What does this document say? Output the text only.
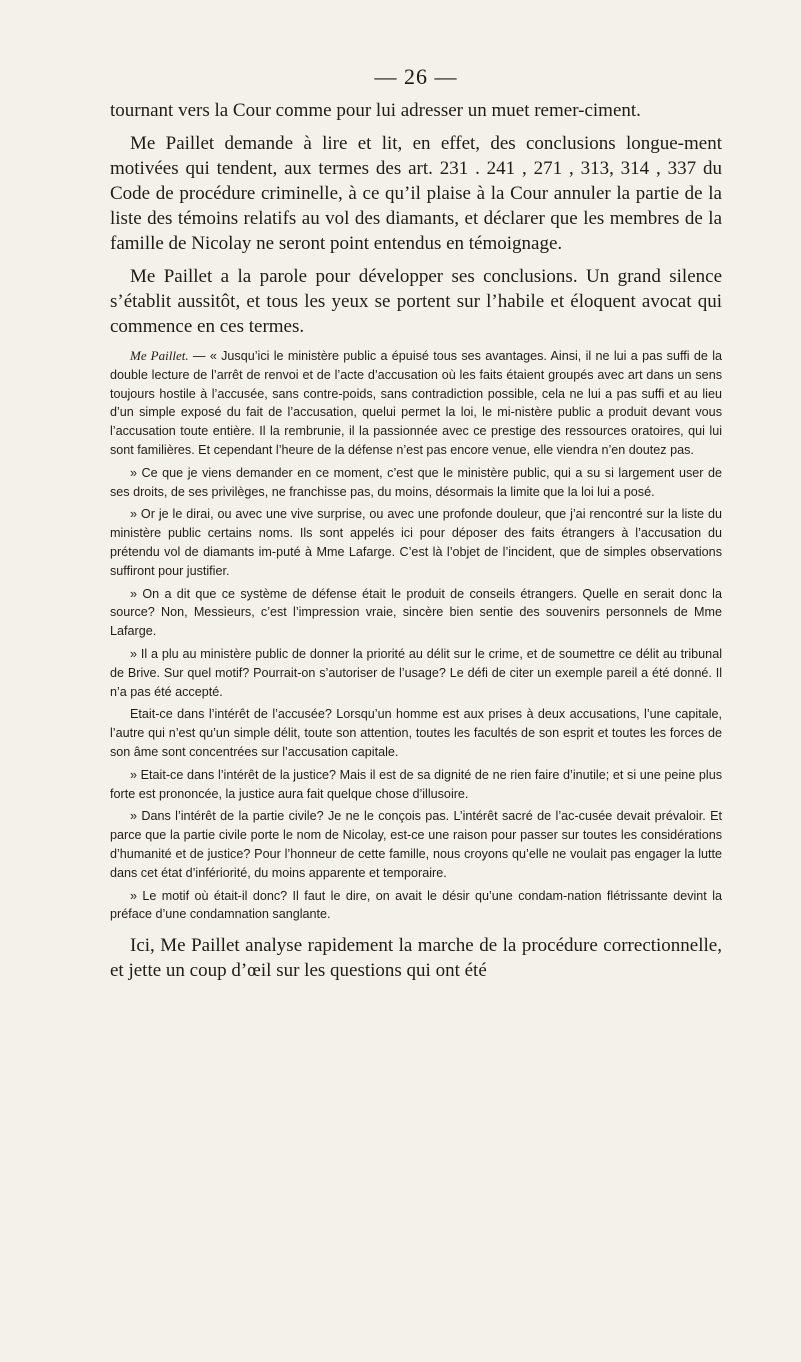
— 26 —

tournant vers la Cour comme pour lui adresser un muet remer-ciment.

Me Paillet demande à lire et lit, en effet, des conclusions longue-ment motivées qui tendent, aux termes des art. 231 . 241 , 271 , 313, 314 , 337 du Code de procédure criminelle, à ce qu’il plaise à la Cour annuler la partie de la liste des témoins relatifs au vol des diamants, et déclarer que les membres de la famille de Nicolay ne seront point entendus en témoignage.

Me Paillet a la parole pour développer ses conclusions. Un grand silence s’établit aussitôt, et tous les yeux se portent sur l’habile et éloquent avocat qui commence en ces termes.

Me Paillet. — « Jusqu’ici le ministère public a épuisé tous ses avantages. Ainsi, il ne lui a pas suffi de la double lecture de l’arrêt de renvoi et de l’acte d’accusation où les faits étaient groupés avec art dans un sens toujours hostile à l’accusée, sans contre-poids, sans contradiction possible, cela ne lui a pas suffi et au lieu d’un simple exposé du fait de l’accusation, quelui permet la loi, le mi-nistère public a produit devant vous l’accusation toute entière. Il la rembrunie, il la passionnée avec ce prestige des ressources oratoires, qui lui sont familières. Et cependant l’heure de la défense n’est pas encore venue, elle viendra n’en doutez pas.

» Ce que je viens demander en ce moment, c’est que le ministère public, qui a su si largement user de ses droits, de ses privilèges, ne franchisse pas, du moins, désormais la limite que la loi lui a posé.

» Or je le dirai, ou avec une vive surprise, ou avec une profonde douleur, que j’ai rencontré sur la liste du ministère public certains noms. Ils sont appelés ici pour déposer des faits étrangers à l’accusation du prétendu vol de diamants im-puté à Mme Lafarge. C’est là l’objet de l’incident, que de simples observations suffiront pour justifier.

» On a dit que ce système de défense était le produit de conseils étrangers. Quelle en serait donc la source? Non, Messieurs, c’est l’impression vraie, sincère bien sentie des souvenirs personnels de Mme Lafarge.

» Il a plu au ministère public de donner la priorité au délit sur le crime, et de soumettre ce délit au tribunal de Brive. Sur quel motif? Pourrait-on s’autoriser de l’usage? Le défi de citer un exemple pareil a été donné. Il n’a pas été accepté.

Etait-ce dans l’intérêt de l’accusée? Lorsqu’un homme est aux prises à deux accusations, l’une capitale, l’autre qui n’est qu’un simple délit, toute son attention, toutes les facultés de son esprit et toutes les forces de son âme sont concentrées sur l’accusation capitale.

» Etait-ce dans l’intérêt de la justice? Mais il est de sa dignité de ne rien faire d’inutile; et si une peine plus forte est prononcée, la justice aura fait quelque chose d’illusoire.

» Dans l’intérêt de la partie civile? Je ne le conçois pas. L’intérêt sacré de l’ac-cusée devait prévaloir. Et parce que la partie civile porte le nom de Nicolay, est-ce une raison pour passer sur toutes les considérations d’humanité et de justice? Pour l’honneur de cette famille, nous croyons qu’elle ne voulait pas engager la lutte dans cet état d’infériorité, du moins apparente et temporaire.

» Le motif où était-il donc? Il faut le dire, on avait le désir qu’une condam-nation flétrissante devint la préface d’une condamnation sanglante.

Ici, Me Paillet analyse rapidement la marche de la procédure correctionnelle, et jette un coup d’œil sur les questions qui ont été
